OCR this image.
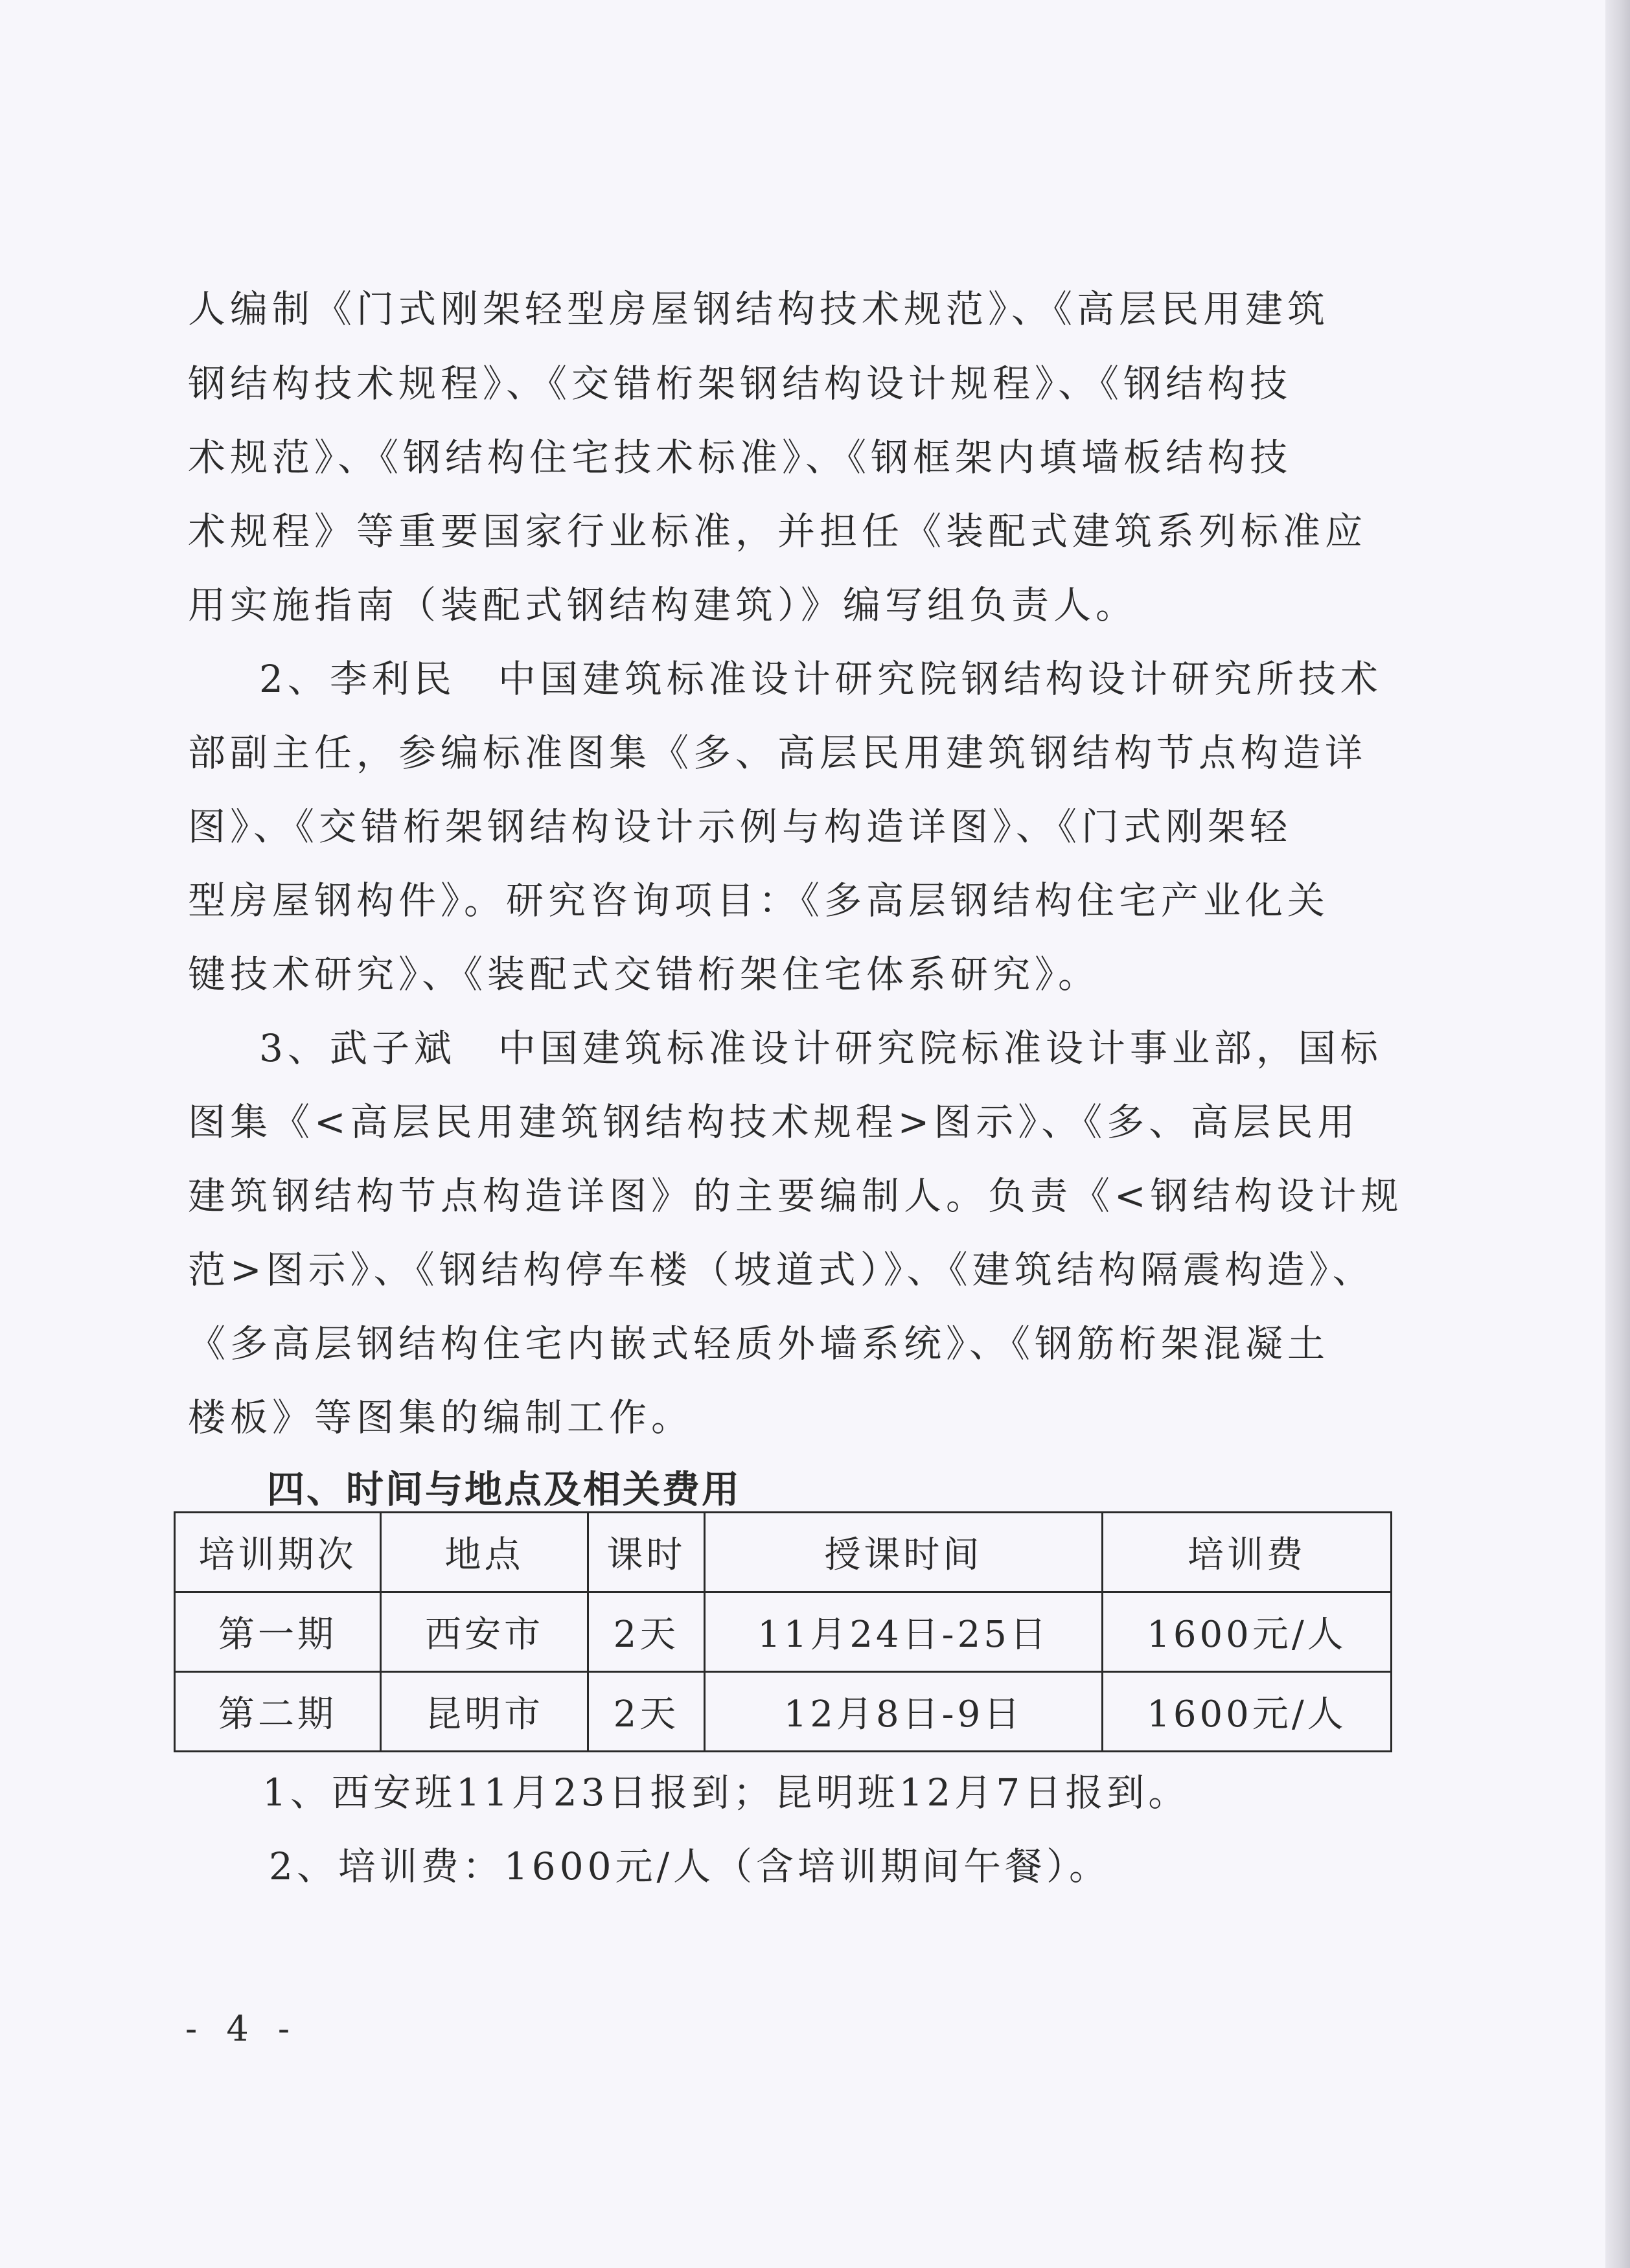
人编制《门式刚架轻型房屋钢结构技术规范》、《高层民用建筑
钢结构技术规程》、《交错桁架钢结构设计规程》、《钢结构技
术规范》、《钢结构住宅技术标准》、《钢框架内填墙板结构技
术规程》等重要国家行业标准，并担任《装配式建筑系列标准应
用实施指南（装配式钢结构建筑）》编写组负责人。
2、李利民　中国建筑标准设计研究院钢结构设计研究所技术
部副主任，参编标准图集《多、高层民用建筑钢结构节点构造详
图》、《交错桁架钢结构设计示例与构造详图》、《门式刚架轻
型房屋钢构件》。研究咨询项目：《多高层钢结构住宅产业化关
键技术研究》、《装配式交错桁架住宅体系研究》。
3、武子斌　中国建筑标准设计研究院标准设计事业部，国标
图集《<高层民用建筑钢结构技术规程>图示》、《多、高层民用
建筑钢结构节点构造详图》的主要编制人。负责《<钢结构设计规
范>图示》、《钢结构停车楼（坡道式）》、《建筑结构隔震构造》、
《多高层钢结构住宅内嵌式轻质外墙系统》、《钢筋桁架混凝土
楼板》等图集的编制工作。
四、时间与地点及相关费用
培训期次	地点	课时	授课时间	培训费
第一期	西安市	2天	11月24日-25日	1600元/人
第二期	昆明市	2天	12月8日-9日	1600元/人
1、西安班11月23日报到；昆明班12月7日报到。
2、培训费：1600元/人（含培训期间午餐）。
- 4 -
